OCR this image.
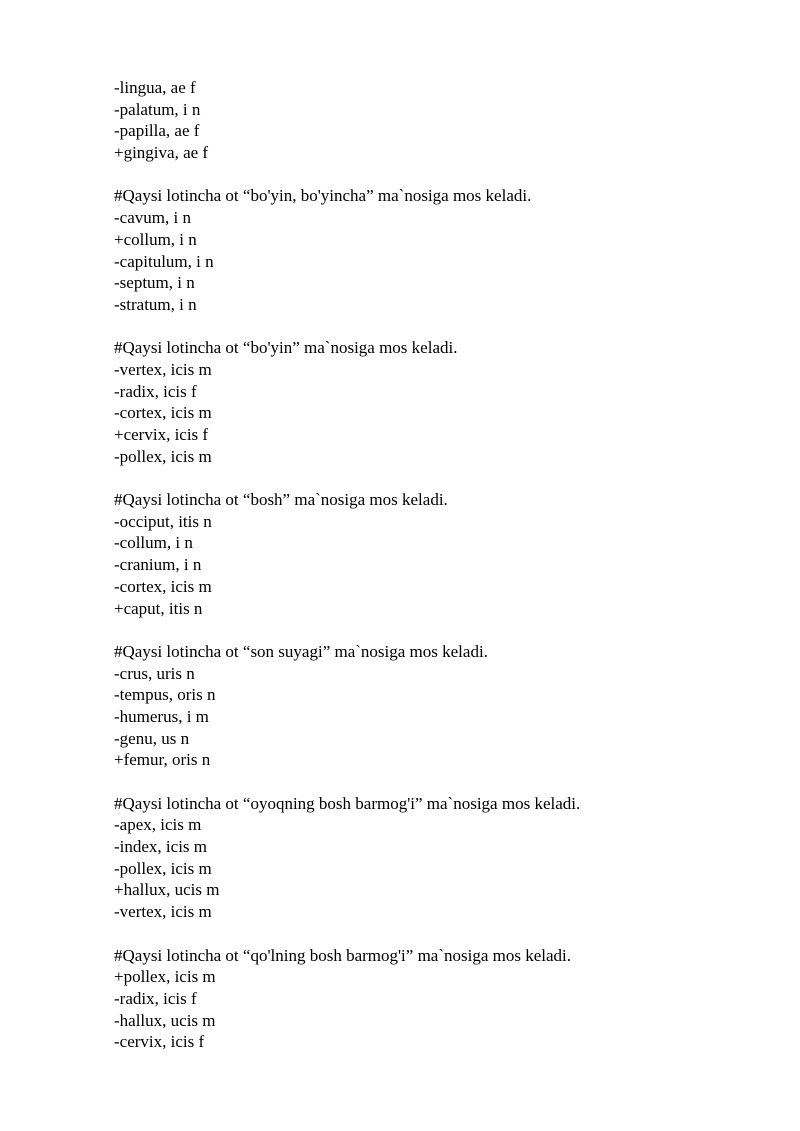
-lingua, ae f
-palatum, i n
-papilla, ae f
+gingiva, ae f
#Qaysi lotincha ot “bo'yin, bo'yincha” ma`nosiga mos keladi.
-cavum, i n
+collum, i n
-capitulum, i n
-septum, i n
-stratum, i n
#Qaysi lotincha ot “bo'yin” ma`nosiga mos keladi.
-vertex, icis m
-radix, icis f
-cortex, icis m
+cervix, icis f
-pollex, icis m
#Qaysi lotincha ot “bosh” ma`nosiga mos keladi.
-occiput, itis n
-collum, i n
-cranium, i n
-cortex, icis m
+caput, itis n
#Qaysi lotincha ot “son suyagi” ma`nosiga mos keladi.
-crus, uris n
-tempus, oris n
-humerus, i m
-genu, us n
+femur, oris n
#Qaysi lotincha ot “oyoqning bosh barmog'i” ma`nosiga mos keladi.
-apex, icis m
-index, icis m
-pollex, icis m
+hallux, ucis m
-vertex, icis m
#Qaysi lotincha ot “qo'lning bosh barmog'i” ma`nosiga mos keladi.
+pollex, icis m
-radix, icis f
-hallux, ucis m
-cervix, icis f
